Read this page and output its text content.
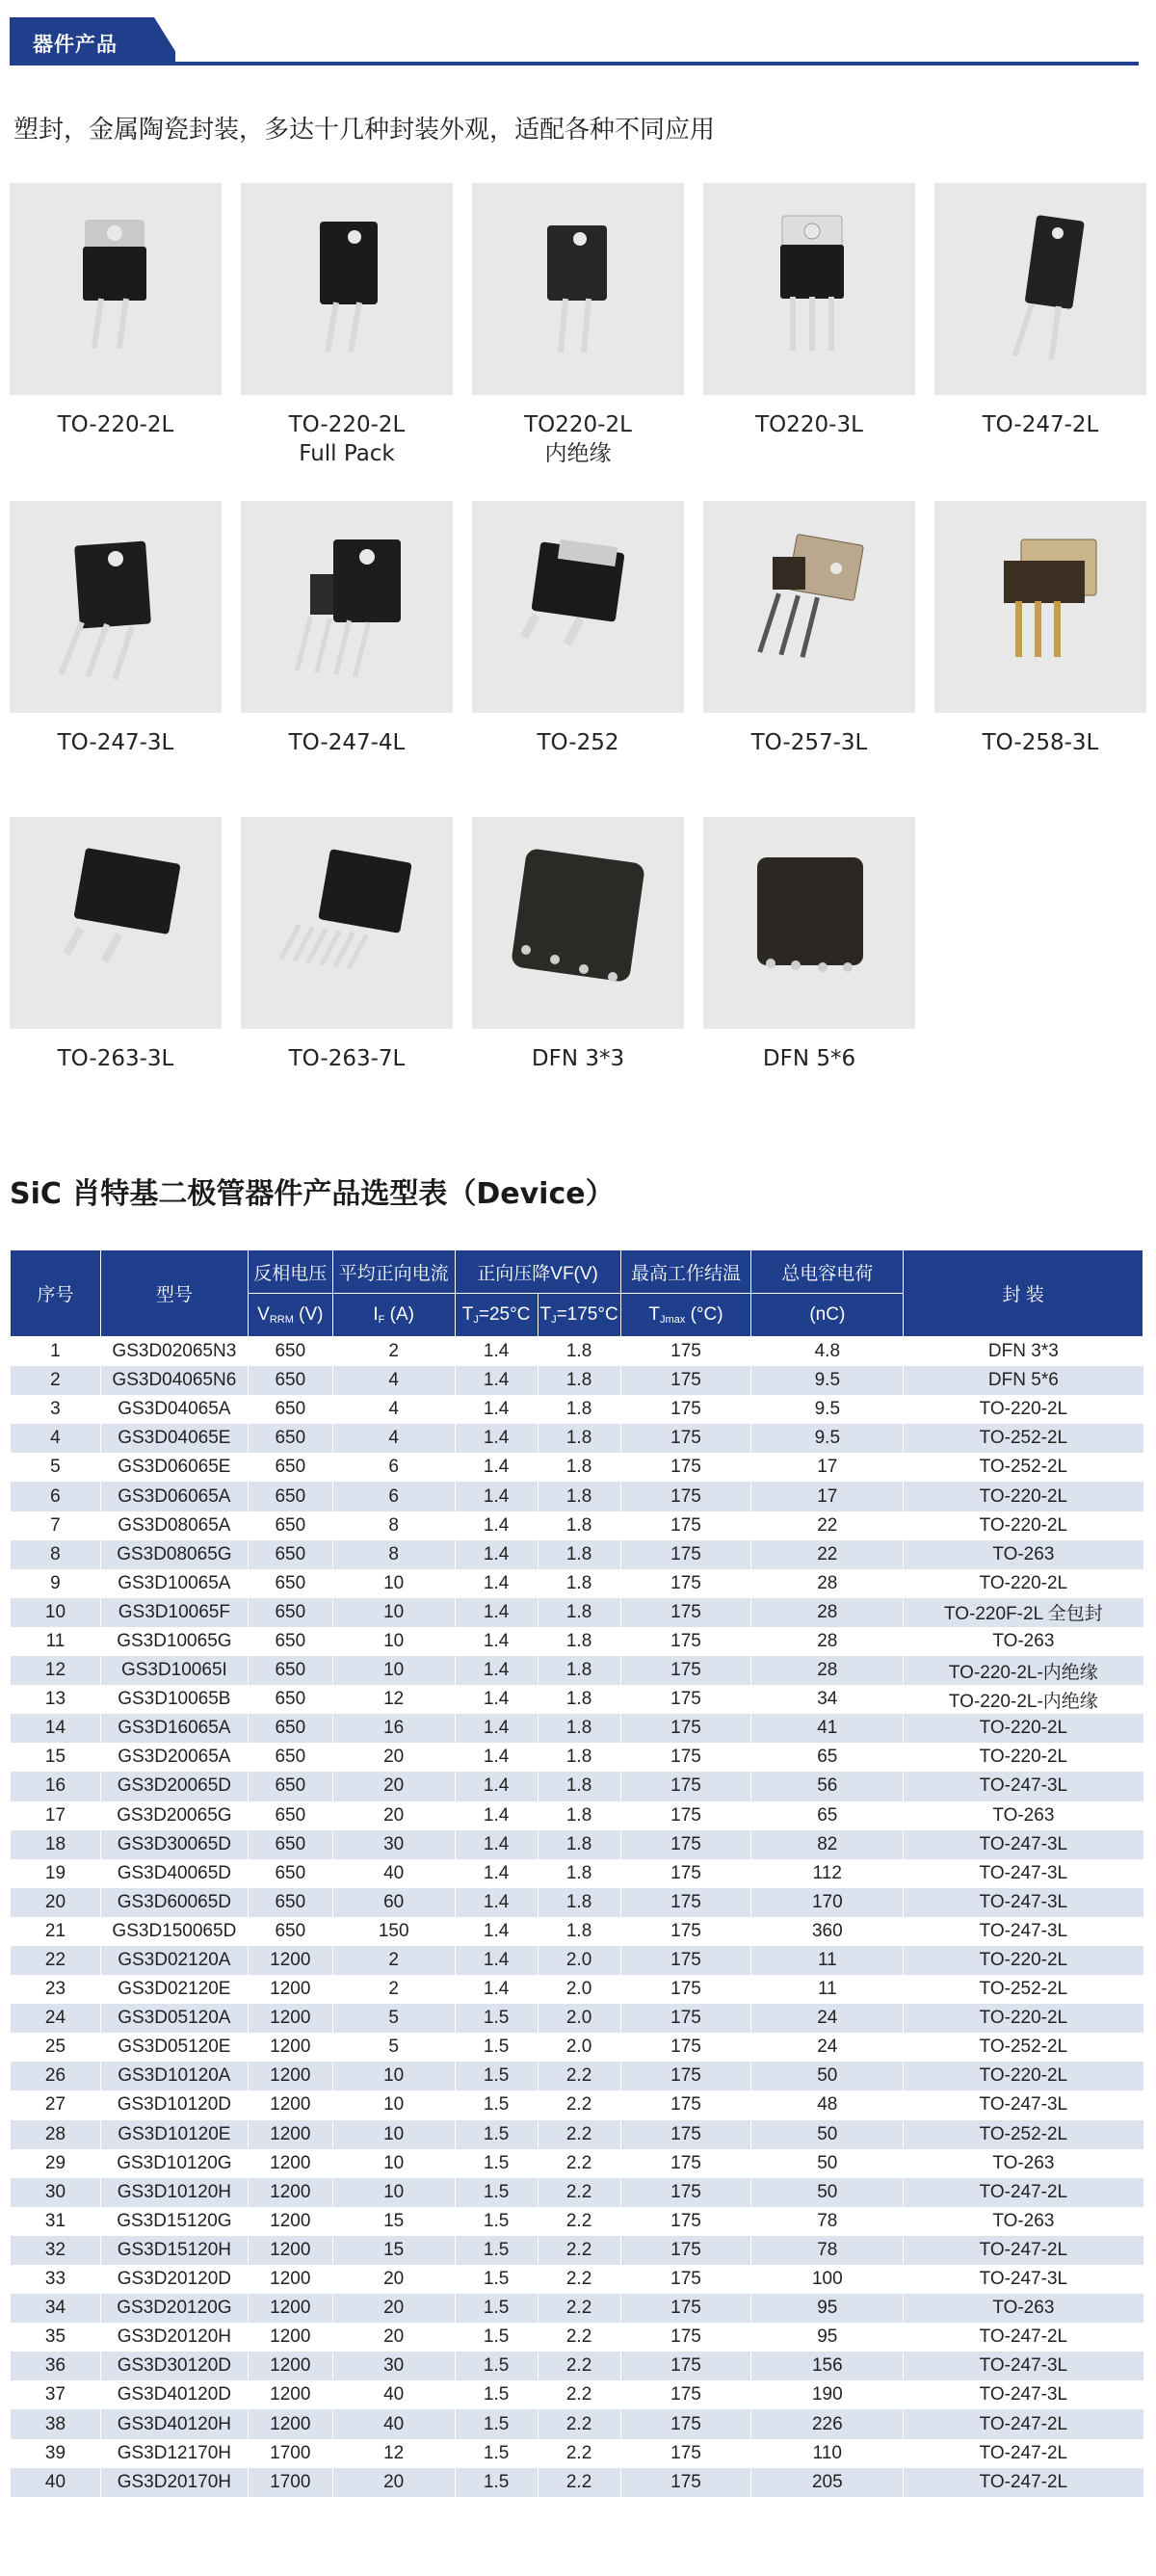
器件产品
塑封，金属陶瓷封装，多达十几种封装外观，适配各种不同应用
TO-220-2L	TO-220-2L
Full Pack
TO220-2L
内绝缘
TO220-3L	TO-247-2L
TO-247-3L	TO-247-4L	TO-252	TO-257-3L	TO-258-3L
TO-263-3L	TO-263-7L	DFN 3*3	DFN 5*6
SiC 肖特基二极管器件产品选型表（Device）
序号	型号	反相电压	平均正向电流	正向压降VF(V)		最高工作结温	总电容电荷	封 装
		$V_{RRM}$ (V)	$I_F$ (A)	$T_J=25^\circ C$	$T_J=175^\circ C$	$T_{Jmax}$ (°C)	(nC)	
1	GS3D02065N3	650	2	1.4	1.8	175	4.8	DFN 3*3
2	GS3D04065N6	650	4	1.4	1.8	175	9.5	DFN 5*6
3	GS3D04065A	650	4	1.4	1.8	175	9.5	TO-220-2L
4	GS3D04065E	650	4	1.4	1.8	175	9.5	TO-252-2L
5	GS3D06065E	650	6	1.4	1.8	175	17	TO-252-2L
6	GS3D06065A	650	6	1.4	1.8	175	17	TO-220-2L
7	GS3D08065A	650	8	1.4	1.8	175	22	TO-220-2L
8	GS3D08065G	650	8	1.4	1.8	175	22	TO-263
9	GS3D10065A	650	10	1.4	1.8	175	28	TO-220-2L
10	GS3D10065F	650	10	1.4	1.8	175	28	TO-220F-2L 全包封
11	GS3D10065G	650	10	1.4	1.8	175	28	TO-263
12	GS3D10065I	650	10	1.4	1.8	175	28	TO-220-2L-内绝缘
13	GS3D10065B	650	12	1.4	1.8	175	34	TO-220-2L-内绝缘
14	GS3D16065A	650	16	1.4	1.8	175	41	TO-220-2L
15	GS3D20065A	650	20	1.4	1.8	175	65	TO-220-2L
16	GS3D20065D	650	20	1.4	1.8	175	56	TO-247-3L
17	GS3D20065G	650	20	1.4	1.8	175	65	TO-263
18	GS3D30065D	650	30	1.4	1.8	175	82	TO-247-3L
19	GS3D40065D	650	40	1.4	1.8	175	112	TO-247-3L
20	GS3D60065D	650	60	1.4	1.8	175	170	TO-247-3L
21	GS3D150065D	650	150	1.4	1.8	175	360	TO-247-3L
22	GS3D02120A	1200	2	1.4	2.0	175	11	TO-220-2L
23	GS3D02120E	1200	2	1.4	2.0	175	11	TO-252-2L
24	GS3D05120A	1200	5	1.5	2.0	175	24	TO-220-2L
25	GS3D05120E	1200	5	1.5	2.0	175	24	TO-252-2L
26	GS3D10120A	1200	10	1.5	2.2	175	50	TO-220-2L
27	GS3D10120D	1200	10	1.5	2.2	175	48	TO-247-3L
28	GS3D10120E	1200	10	1.5	2.2	175	50	TO-252-2L
29	GS3D10120G	1200	10	1.5	2.2	175	50	TO-263
30	GS3D10120H	1200	10	1.5	2.2	175	50	TO-247-2L
31	GS3D15120G	1200	15	1.5	2.2	175	78	TO-263
32	GS3D15120H	1200	15	1.5	2.2	175	78	TO-247-2L
33	GS3D20120D	1200	20	1.5	2.2	175	100	TO-247-3L
34	GS3D20120G	1200	20	1.5	2.2	175	95	TO-263
35	GS3D20120H	1200	20	1.5	2.2	175	95	TO-247-2L
36	GS3D30120D	1200	30	1.5	2.2	175	156	TO-247-3L
37	GS3D40120D	1200	40	1.5	2.2	175	190	TO-247-3L
38	GS3D40120H	1200	40	1.5	2.2	175	226	TO-247-2L
39	GS3D12170H	1700	12	1.5	2.2	175	110	TO-247-2L
40	GS3D20170H	1700	20	1.5	2.2	175	205	TO-247-2L
